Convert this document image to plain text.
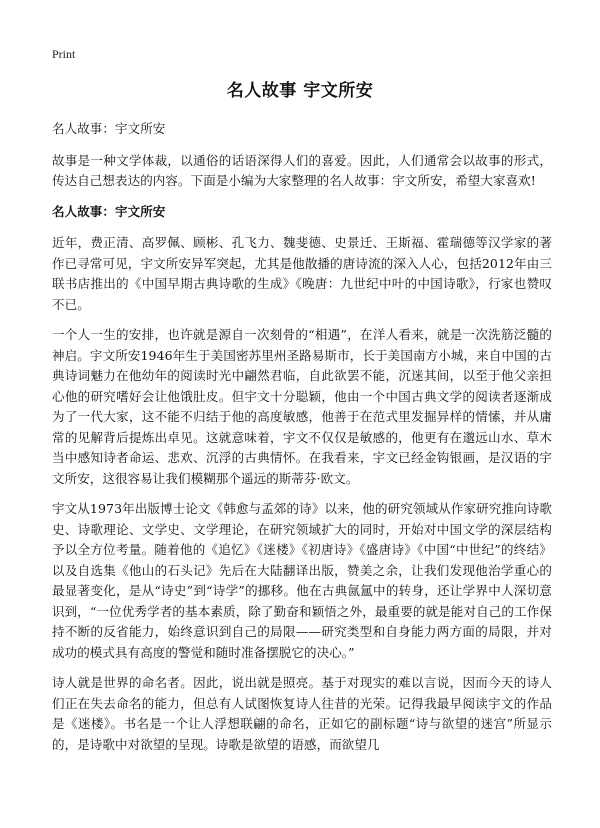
Print
名人故事 宇文所安

名人故事：宇文所安

故事是一种文学体裁，以通俗的话语深得人们的喜爱。因此，人们通常会以故事的形式，传达自己想表达的内容。下面是小编为大家整理的名人故事：宇文所安，希望大家喜欢!

名人故事：宇文所安

近年，费正清、高罗佩、顾彬、孔飞力、魏斐德、史景迁、王斯福、霍瑞德等汉学家的著作已寻常可见，宇文所安异军突起，尤其是他散播的唐诗流的深入人心，包括2012年由三联书店推出的《中国早期古典诗歌的生成》《晚唐：九世纪中叶的中国诗歌》，行家也赞叹不已。

一个人一生的安排，也许就是源自一次刻骨的“相遇”，在洋人看来，就是一次洗筋泛髓的神启。宇文所安1946年生于美国密苏里州圣路易斯市，长于美国南方小城，来自中国的古典诗词魅力在他幼年的阅读时光中翩然君临，自此欲罢不能，沉迷其间，以至于他父亲担心他的研究嗜好会让他饿肚皮。但宇文十分聪颖，他由一个中国古典文学的阅读者逐渐成为了一代大家，这不能不归结于他的高度敏感，他善于在范式里发掘异样的情愫，并从庸常的见解背后提炼出卓见。这就意味着，宇文不仅仅是敏感的，他更有在邈远山水、草木当中感知诗者命运、悲欢、沉浮的古典情怀。在我看来，宇文已经金钩银画，是汉语的宇文所安，这很容易让我们模糊那个遥远的斯蒂芬·欧文。

宇文从1973年出版博士论文《韩愈与孟郊的诗》以来，他的研究领域从作家研究推向诗歌史、诗歌理论、文学史、文学理论，在研究领域扩大的同时，开始对中国文学的深层结构予以全方位考量。随着他的《追忆》《迷楼》《初唐诗》《盛唐诗》《中国“中世纪”的终结》以及自选集《他山的石头记》先后在大陆翻译出版，赞美之余，让我们发现他治学重心的最显著变化，是从“诗史”到“诗学”的挪移。他在古典氤氲中的转身，还让学界中人深切意识到，“一位优秀学者的基本素质，除了勤奋和颖悟之外，最重要的就是能对自己的工作保持不断的反省能力，始终意识到自己的局限——研究类型和自身能力两方面的局限，并对成功的模式具有高度的警觉和随时准备摆脱它的决心。”

诗人就是世界的命名者。因此，说出就是照亮。基于对现实的难以言说，因而今天的诗人们正在失去命名的能力，但总有人试图恢复诗人往昔的光荣。记得我最早阅读宇文的作品是《迷楼》。书名是一个让人浮想联翩的命名，正如它的副标题“诗与欲望的迷宫”所显示的，是诗歌中对欲望的呈现。诗歌是欲望的语感，而欲望几
